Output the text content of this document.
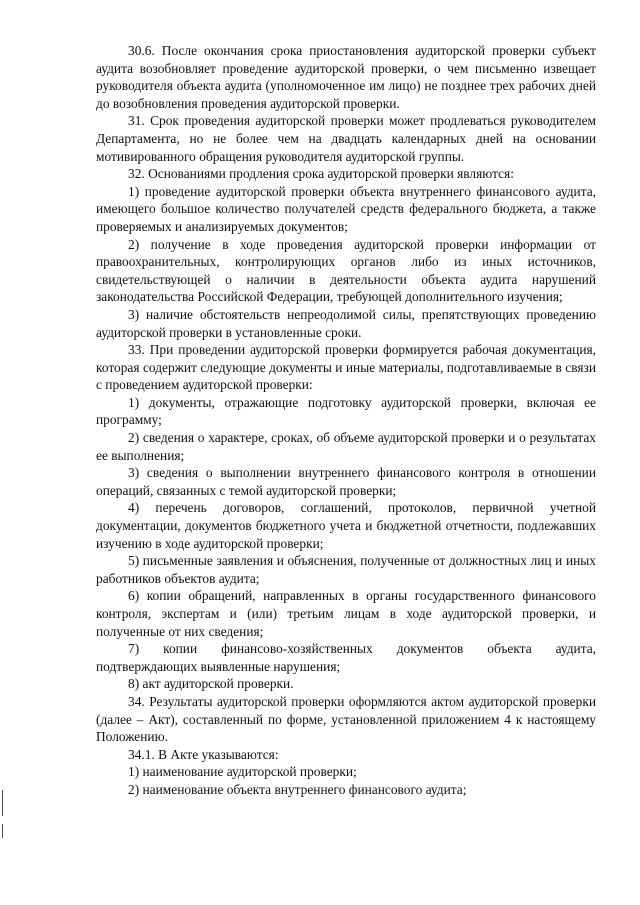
30.6. После окончания срока приостановления аудиторской проверки субъект аудита возобновляет проведение аудиторской проверки, о чем письменно извещает руководителя объекта аудита (уполномоченное им лицо) не позднее трех рабочих дней до возобновления проведения аудиторской проверки.

31. Срок проведения аудиторской проверки может продлеваться руководителем Департамента, но не более чем на двадцать календарных дней на основании мотивированного обращения руководителя аудиторской группы.

32. Основаниями продления срока аудиторской проверки являются:

1) проведение аудиторской проверки объекта внутреннего финансового аудита, имеющего большое количество получателей средств федерального бюджета, а также проверяемых и анализируемых документов;

2) получение в ходе проведения аудиторской проверки информации от правоохранительных, контролирующих органов либо из иных источников, свидетельствующей о наличии в деятельности объекта аудита нарушений законодательства Российской Федерации, требующей дополнительного изучения;

3) наличие обстоятельств непреодолимой силы, препятствующих проведению аудиторской проверки в установленные сроки.

33. При проведении аудиторской проверки формируется рабочая документация, которая содержит следующие документы и иные материалы, подготавливаемые в связи с проведением аудиторской проверки:

1) документы, отражающие подготовку аудиторской проверки, включая ее программу;

2) сведения о характере, сроках, об объеме аудиторской проверки и о результатах ее выполнения;

3) сведения о выполнении внутреннего финансового контроля в отношении операций, связанных с темой аудиторской проверки;

4) перечень договоров, соглашений, протоколов, первичной учетной документации, документов бюджетного учета и бюджетной отчетности, подлежавших изучению в ходе аудиторской проверки;

5) письменные заявления и объяснения, полученные от должностных лиц и иных работников объектов аудита;

6) копии обращений, направленных в органы государственного финансового контроля, экспертам и (или) третьим лицам в ходе аудиторской проверки, и полученные от них сведения;

7) копии финансово-хозяйственных документов объекта аудита, подтверждающих выявленные нарушения;

8) акт аудиторской проверки.

34. Результаты аудиторской проверки оформляются актом аудиторской проверки (далее – Акт), составленный по форме, установленной приложением 4 к настоящему Положению.

34.1. В Акте указываются:

1) наименование аудиторской проверки;

2) наименование объекта внутреннего финансового аудита;
